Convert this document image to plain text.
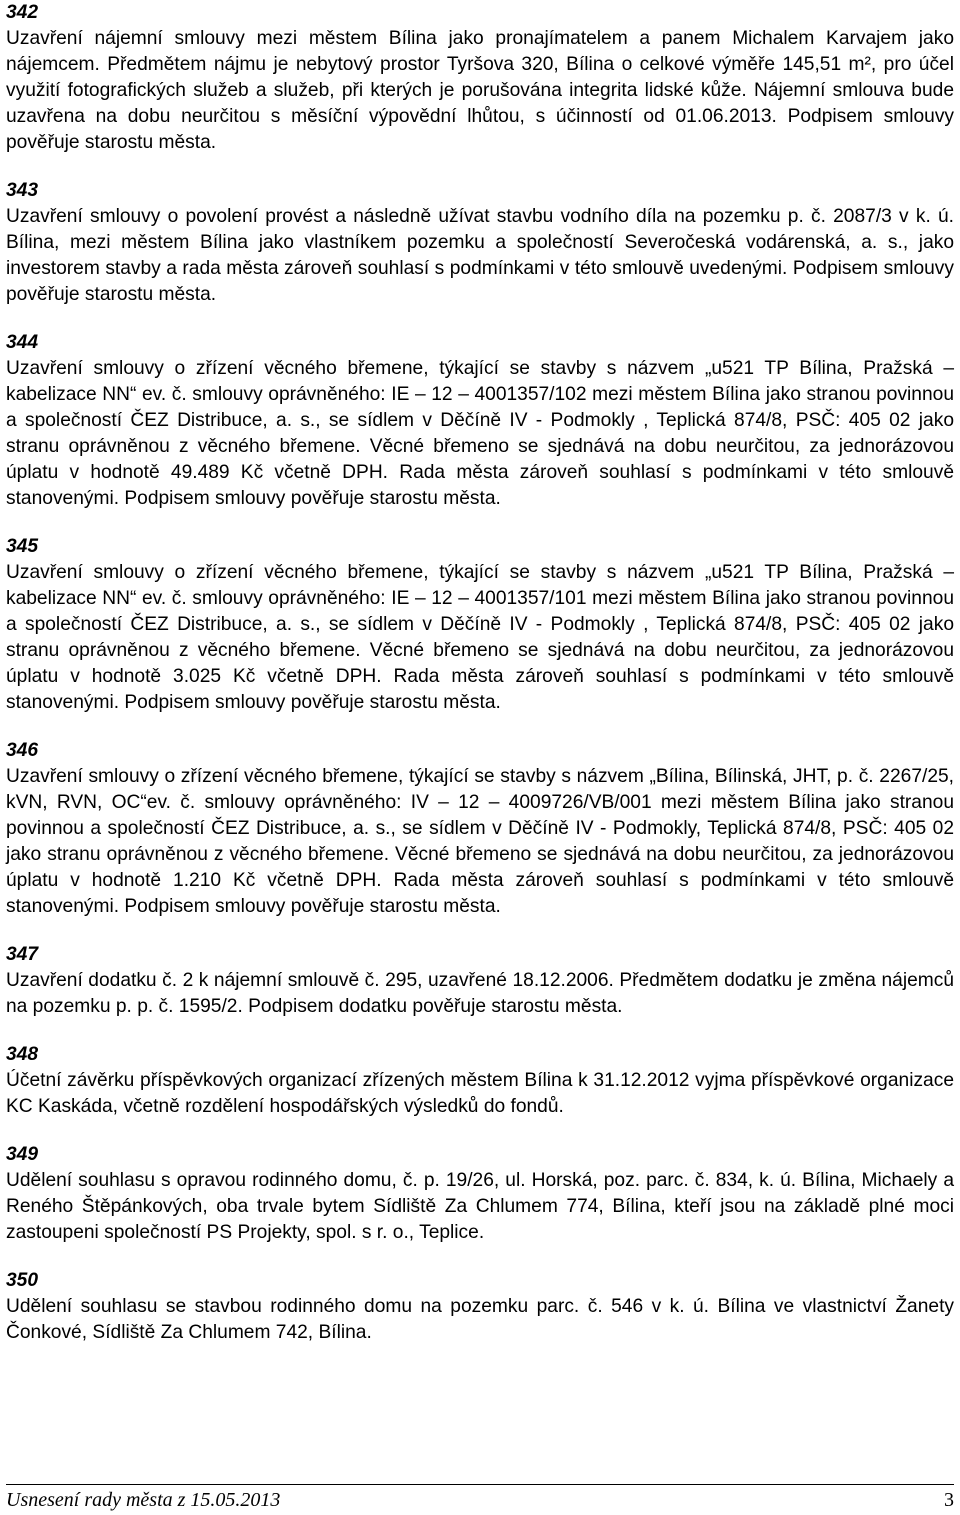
342

Uzavření nájemní smlouvy mezi městem Bílina jako pronajímatelem a panem Michalem Karvajem jako nájemcem. Předmětem nájmu je nebytový prostor Tyršova 320, Bílina o celkové výměře 145,51 m², pro účel využití fotografických služeb a služeb, při kterých je porušována integrita lidské kůže. Nájemní smlouva bude uzavřena na dobu neurčitou s měsíční výpovědní lhůtou, s účinností od 01.06.2013. Podpisem smlouvy pověřuje starostu města.

343

Uzavření smlouvy o povolení provést a následně užívat stavbu vodního díla na pozemku p. č. 2087/3 v k. ú. Bílina, mezi městem Bílina jako vlastníkem pozemku a společností Severočeská vodárenská, a. s., jako investorem stavby a rada města zároveň souhlasí s podmínkami v této smlouvě uvedenými. Podpisem smlouvy pověřuje starostu města.

344

Uzavření smlouvy o zřízení věcného břemene, týkající se stavby s názvem „u521 TP Bílina, Pražská – kabelizace NN“ ev. č. smlouvy oprávněného: IE – 12 – 4001357/102 mezi městem Bílina jako stranou povinnou a společností ČEZ Distribuce, a. s., se sídlem v Děčíně IV - Podmokly , Teplická 874/8, PSČ: 405 02 jako stranu oprávněnou z věcného břemene. Věcné břemeno se sjednává na dobu neurčitou, za jednorázovou úplatu v hodnotě 49.489 Kč včetně DPH. Rada města zároveň souhlasí s podmínkami v této smlouvě stanovenými. Podpisem smlouvy pověřuje starostu města.

345

Uzavření smlouvy o zřízení věcného břemene, týkající se stavby s názvem „u521 TP Bílina, Pražská – kabelizace NN“ ev. č. smlouvy oprávněného: IE – 12 – 4001357/101 mezi městem Bílina jako stranou povinnou a společností ČEZ Distribuce, a. s., se sídlem v Děčíně IV - Podmokly , Teplická 874/8, PSČ: 405 02 jako stranu oprávněnou z věcného břemene. Věcné břemeno se sjednává na dobu neurčitou, za jednorázovou úplatu v hodnotě 3.025 Kč včetně DPH. Rada města zároveň souhlasí s podmínkami v této smlouvě stanovenými. Podpisem smlouvy pověřuje starostu města.

346

Uzavření smlouvy o zřízení věcného břemene, týkající se stavby s názvem „Bílina, Bílinská, JHT, p. č. 2267/25, kVN, RVN, OC“ev. č. smlouvy oprávněného: IV – 12 – 4009726/VB/001 mezi městem Bílina jako stranou povinnou a společností ČEZ Distribuce, a. s., se sídlem v Děčíně IV - Podmokly, Teplická 874/8, PSČ: 405 02 jako stranu oprávněnou z věcného břemene. Věcné břemeno se sjednává na dobu neurčitou, za jednorázovou úplatu v hodnotě 1.210 Kč včetně DPH. Rada města zároveň souhlasí s podmínkami v této smlouvě stanovenými. Podpisem smlouvy pověřuje starostu města.

347

Uzavření dodatku č. 2 k nájemní smlouvě č. 295, uzavřené 18.12.2006. Předmětem dodatku je změna nájemců na pozemku p. p. č. 1595/2. Podpisem dodatku pověřuje starostu města.

348

Účetní závěrku příspěvkových organizací zřízených městem Bílina k 31.12.2012 vyjma příspěvkové organizace KC Kaskáda, včetně rozdělení hospodářských výsledků do fondů.

349

Udělení souhlasu s opravou rodinného domu, č. p. 19/26, ul. Horská, poz. parc. č. 834, k. ú. Bílina, Michaely a Reného Štěpánkových, oba trvale bytem Sídliště Za Chlumem 774, Bílina, kteří jsou na základě plné moci zastoupeni společností PS Projekty, spol. s r. o., Teplice.

350

Udělení souhlasu se stavbou rodinného domu na pozemku parc. č. 546 v k. ú. Bílina ve vlastnictví Žanety Čonkové, Sídliště Za Chlumem 742, Bílina.

Usnesení rady města z 15.05.2013	3
